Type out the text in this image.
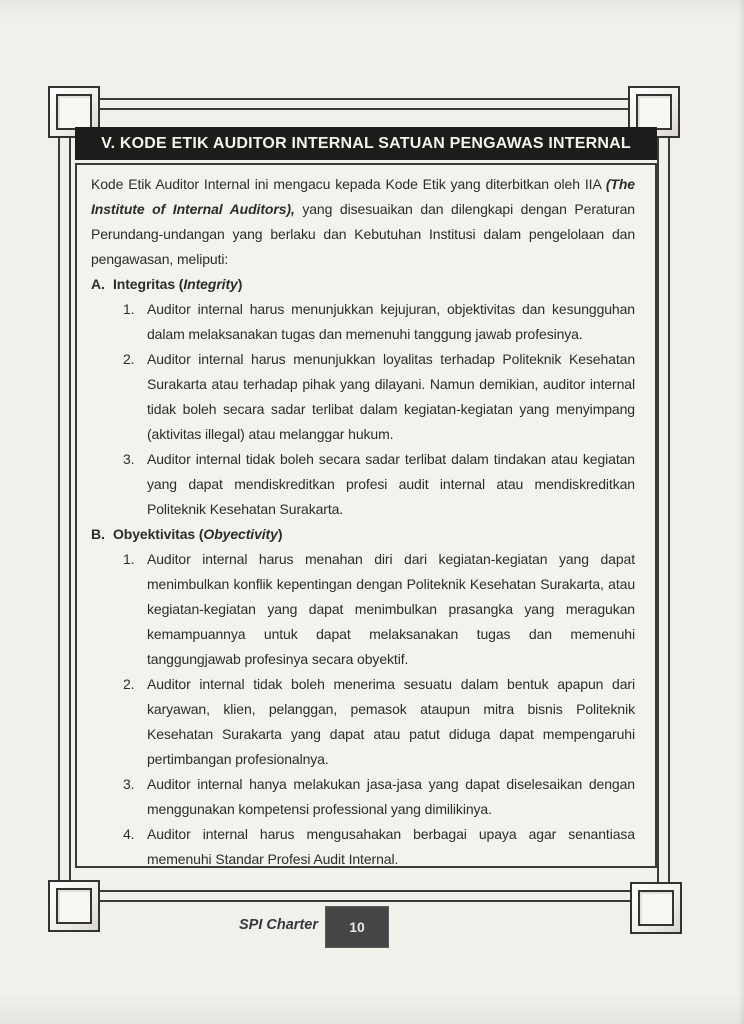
V. KODE ETIK AUDITOR INTERNAL SATUAN PENGAWAS INTERNAL

Kode Etik Auditor Internal ini mengacu kepada Kode Etik yang diterbitkan oleh IIA (The Institute of Internal Auditors), yang disesuaikan dan dilengkapi dengan Peraturan Perundang-undangan yang berlaku dan Kebutuhan Institusi dalam pengelolaan dan pengawasan, meliputi:

A. Integritas (Integrity)
1. Auditor internal harus menunjukkan kejujuran, objektivitas dan kesungguhan dalam melaksanakan tugas dan memenuhi tanggung jawab profesinya.
2. Auditor internal harus menunjukkan loyalitas terhadap Politeknik Kesehatan Surakarta atau terhadap pihak yang dilayani. Namun demikian, auditor internal tidak boleh secara sadar terlibat dalam kegiatan-kegiatan yang menyimpang (aktivitas illegal) atau melanggar hukum.
3. Auditor internal tidak boleh secara sadar terlibat dalam tindakan atau kegiatan yang dapat mendiskreditkan profesi audit internal atau mendiskreditkan Politeknik Kesehatan Surakarta.
B. Obyektivitas (Obyectivity)
1. Auditor internal harus menahan diri dari kegiatan-kegiatan yang dapat menimbulkan konflik kepentingan dengan Politeknik Kesehatan Surakarta, atau kegiatan-kegiatan yang dapat menimbulkan prasangka yang meragukan kemampuannya untuk dapat melaksanakan tugas dan memenuhi tanggungjawab profesinya secara obyektif.
2. Auditor internal tidak boleh menerima sesuatu dalam bentuk apapun dari karyawan, klien, pelanggan, pemasok ataupun mitra bisnis Politeknik Kesehatan Surakarta yang dapat atau patut diduga dapat mempengaruhi pertimbangan profesionalnya.
3. Auditor internal hanya melakukan jasa-jasa yang dapat diselesaikan dengan menggunakan kompetensi professional yang dimilikinya.
4. Auditor internal harus mengusahakan berbagai upaya agar senantiasa memenuhi Standar Profesi Audit Internal.
SPI Charter 10
